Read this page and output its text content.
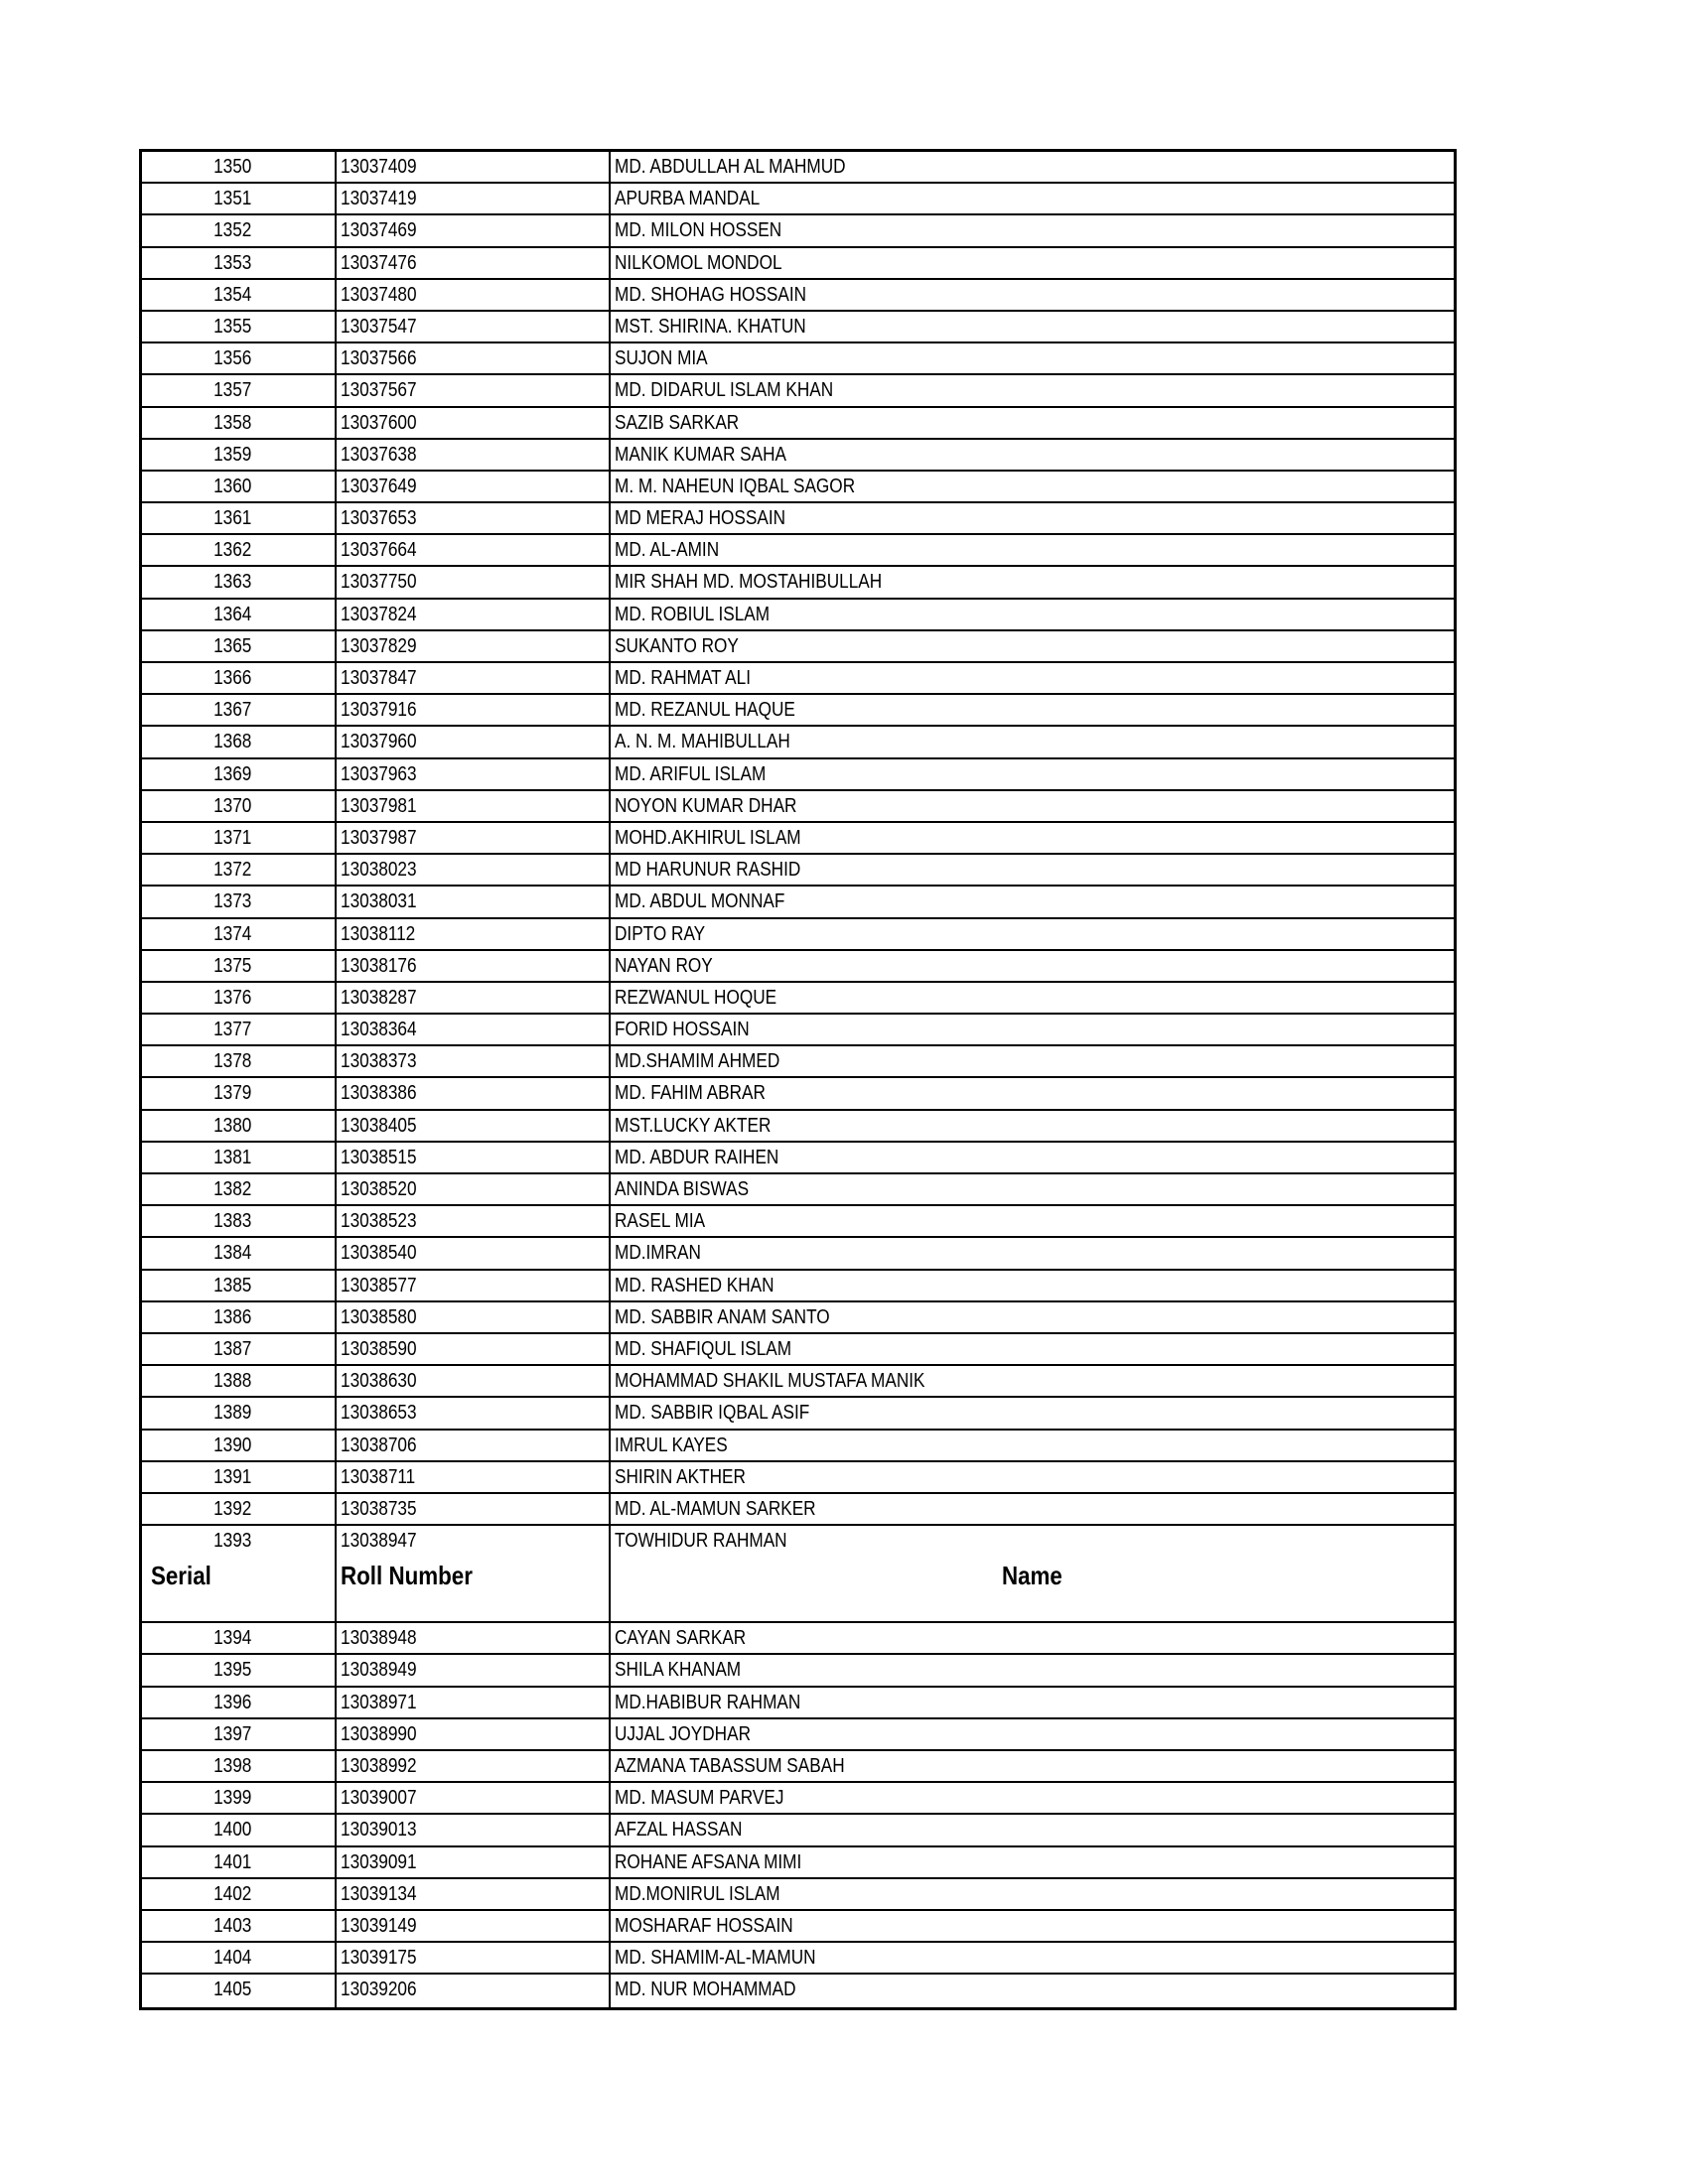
1350	13037409	MD. ABDULLAH AL MAHMUD
1351	13037419	APURBA MANDAL
1352	13037469	MD. MILON HOSSEN
1353	13037476	NILKOMOL MONDOL
1354	13037480	MD. SHOHAG HOSSAIN
1355	13037547	MST. SHIRINA. KHATUN
1356	13037566	SUJON MIA
1357	13037567	MD. DIDARUL ISLAM KHAN
1358	13037600	SAZIB SARKAR
1359	13037638	MANIK KUMAR SAHA
1360	13037649	M. M. NAHEUN IQBAL SAGOR
1361	13037653	MD MERAJ HOSSAIN
1362	13037664	MD. AL-AMIN
1363	13037750	MIR SHAH MD. MOSTAHIBULLAH
1364	13037824	MD. ROBIUL ISLAM
1365	13037829	SUKANTO ROY
1366	13037847	MD. RAHMAT ALI
1367	13037916	MD. REZANUL HAQUE
1368	13037960	A. N. M. MAHIBULLAH
1369	13037963	MD. ARIFUL ISLAM
1370	13037981	NOYON KUMAR DHAR
1371	13037987	MOHD.AKHIRUL ISLAM
1372	13038023	MD HARUNUR RASHID
1373	13038031	MD. ABDUL MONNAF
1374	13038112	DIPTO RAY
1375	13038176	NAYAN ROY
1376	13038287	REZWANUL HOQUE
1377	13038364	FORID HOSSAIN
1378	13038373	MD.SHAMIM AHMED
1379	13038386	MD. FAHIM ABRAR
1380	13038405	MST.LUCKY AKTER
1381	13038515	MD. ABDUR RAIHEN
1382	13038520	ANINDA BISWAS
1383	13038523	RASEL MIA
1384	13038540	MD.IMRAN
1385	13038577	MD. RASHED KHAN
1386	13038580	MD. SABBIR ANAM SANTO
1387	13038590	MD. SHAFIQUL ISLAM
1388	13038630	MOHAMMAD SHAKIL MUSTAFA MANIK
1389	13038653	MD. SABBIR IQBAL ASIF
1390	13038706	IMRUL KAYES
1391	13038711	SHIRIN AKTHER
1392	13038735	MD. AL-MAMUN SARKER
1393	13038947	TOWHIDUR RAHMAN
Serial	Roll Number	Name
1394	13038948	CAYAN SARKAR
1395	13038949	SHILA KHANAM
1396	13038971	MD.HABIBUR RAHMAN
1397	13038990	UJJAL JOYDHAR
1398	13038992	AZMANA TABASSUM SABAH
1399	13039007	MD. MASUM PARVEJ
1400	13039013	AFZAL HASSAN
1401	13039091	ROHANE AFSANA MIMI
1402	13039134	MD.MONIRUL ISLAM
1403	13039149	MOSHARAF HOSSAIN
1404	13039175	MD. SHAMIM-AL-MAMUN
1405	13039206	MD. NUR MOHAMMAD
